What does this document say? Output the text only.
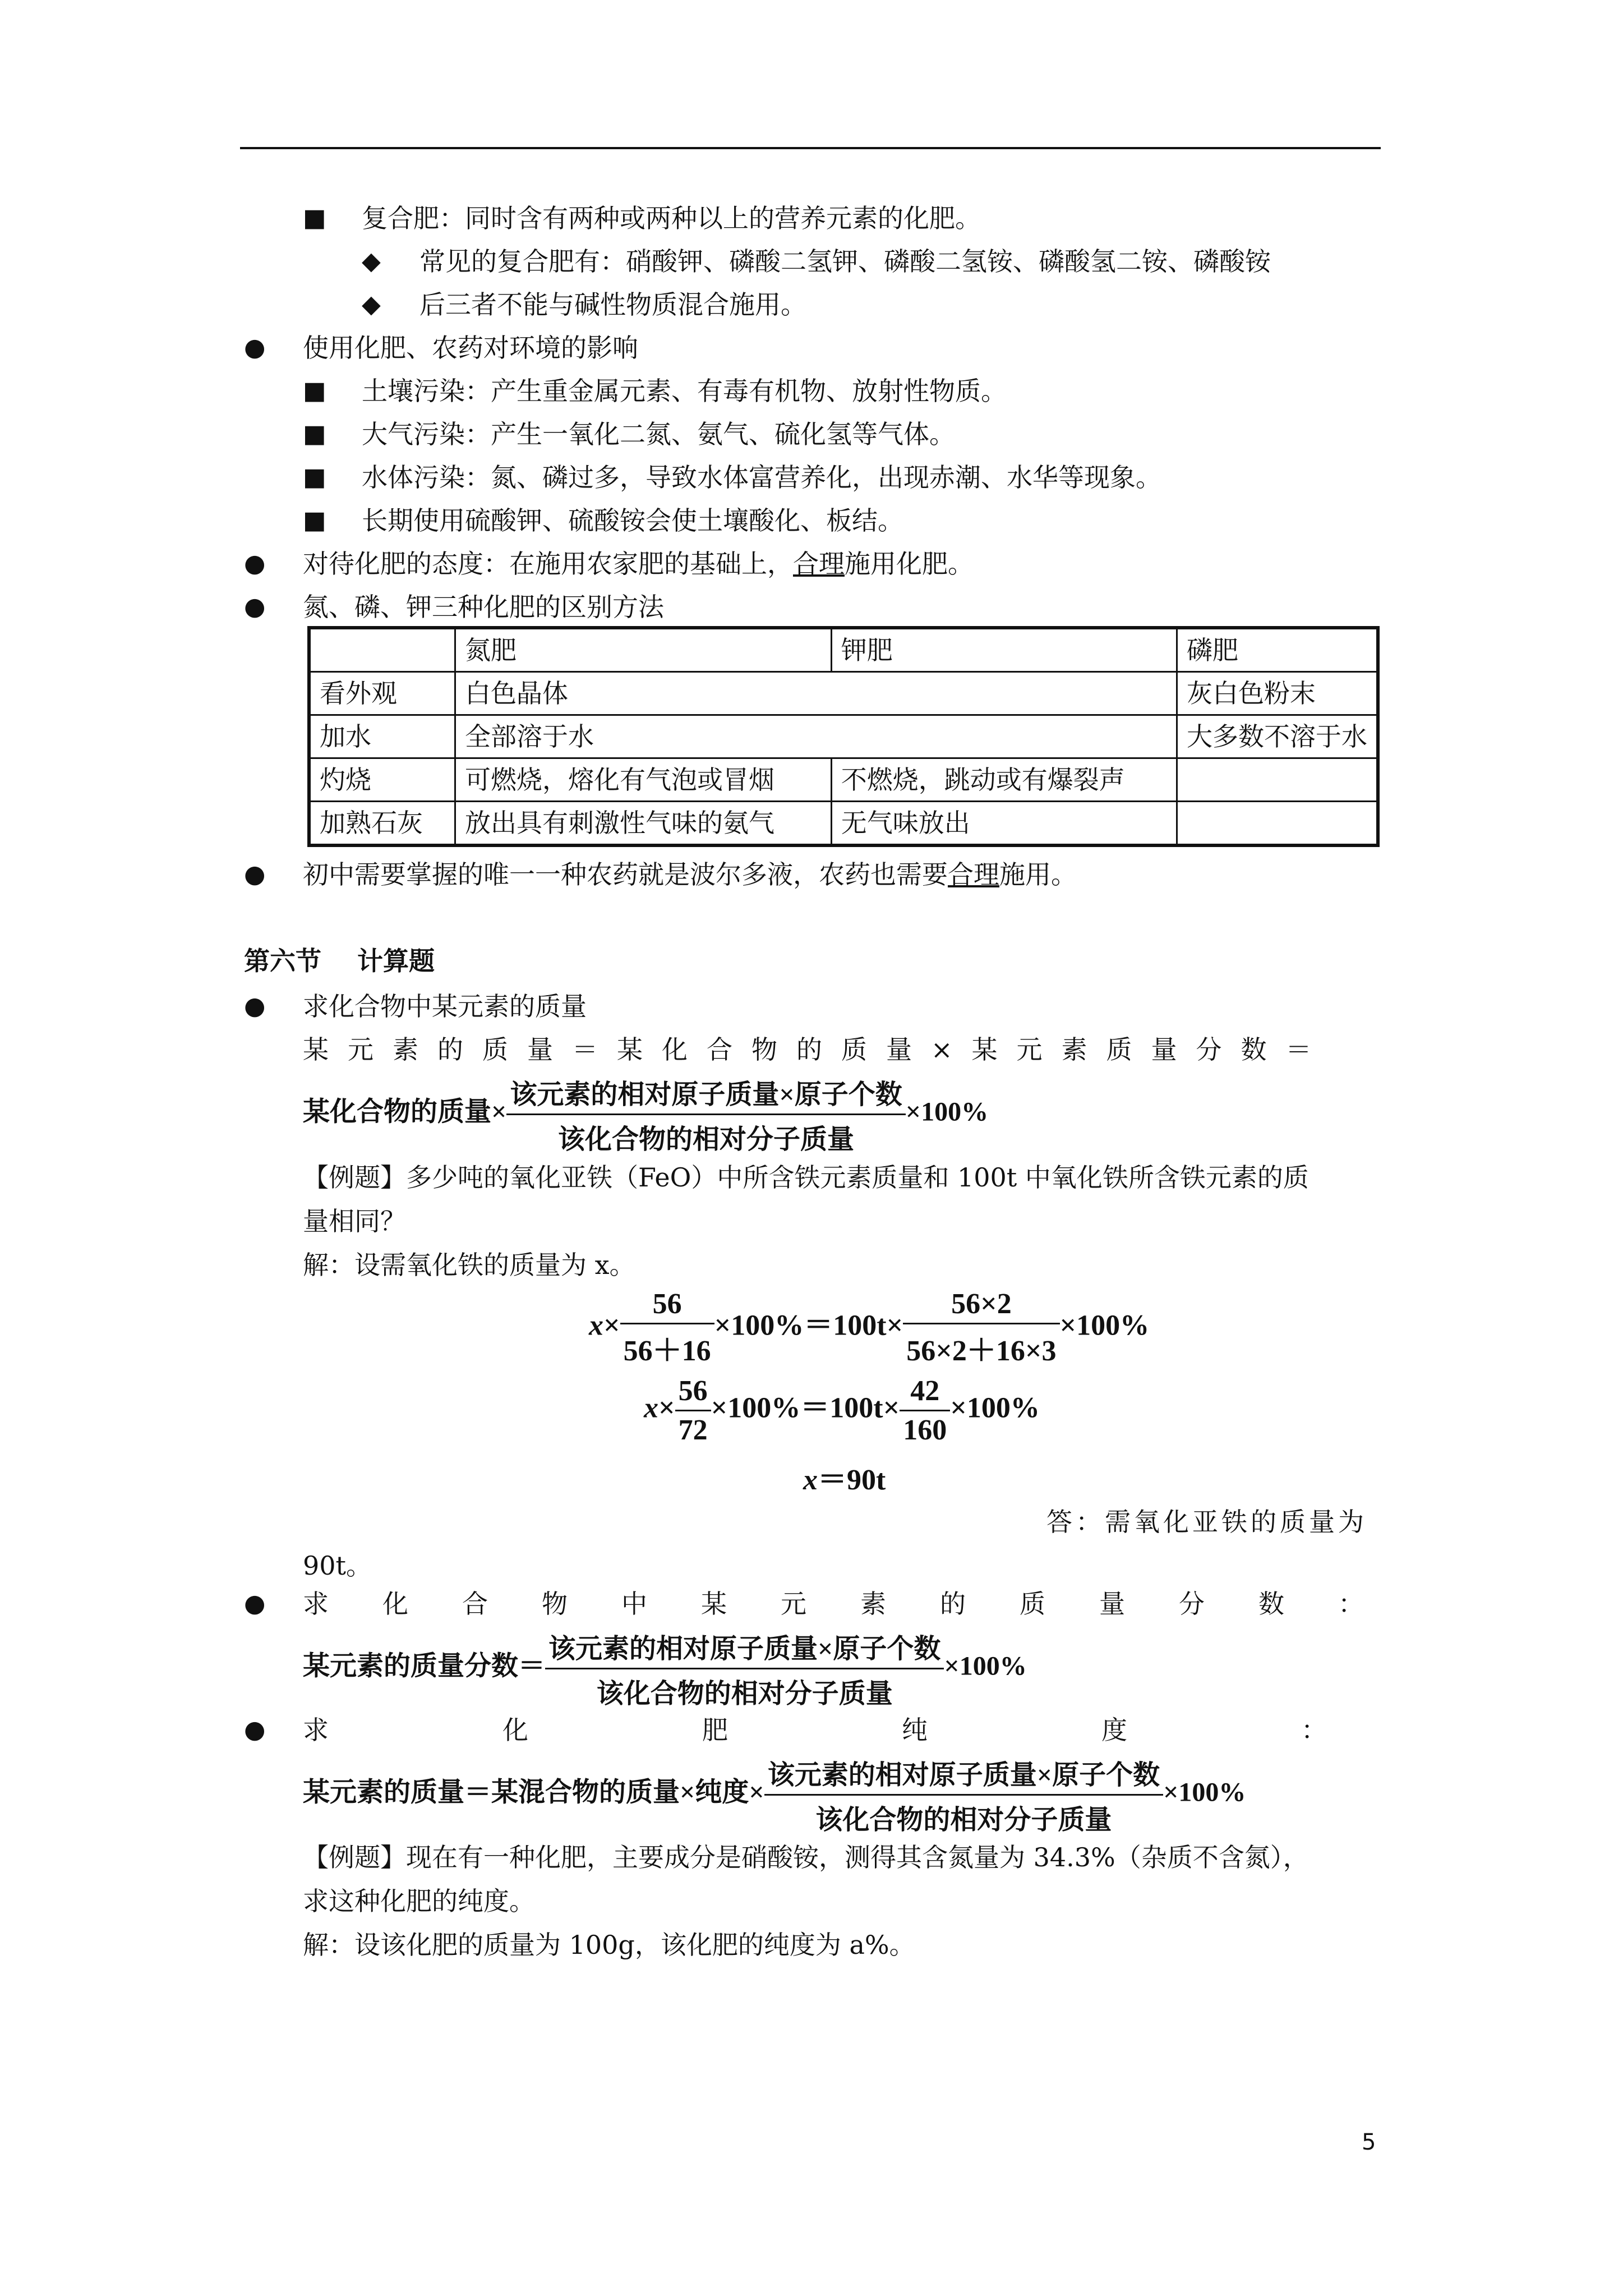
■ 复合肥：同时含有两种或两种以上的营养元素的化肥。
◆ 常见的复合肥有：硝酸钾、磷酸二氢钾、磷酸二氢铵、磷酸氢二铵、磷酸铵
◆ 后三者不能与碱性物质混合施用。
● 使用化肥、农药对环境的影响
■ 土壤污染：产生重金属元素、有毒有机物、放射性物质。
■ 大气污染：产生一氧化二氮、氨气、硫化氢等气体。
■ 水体污染：氮、磷过多，导致水体富营养化，出现赤潮、水华等现象。
■ 长期使用硫酸钾、硫酸铵会使土壤酸化、板结。
● 对待化肥的态度：在施用农家肥的基础上，合理施用化肥。
● 氮、磷、钾三种化肥的区别方法
	氮肥	钾肥	磷肥
看外观	白色晶体		灰白色粉末
加水	全部溶于水		大多数不溶于水
灼烧	可燃烧，熔化有气泡或冒烟	不燃烧，跳动或有爆裂声	
加熟石灰	放出具有刺激性气味的氨气	无气味放出	
● 初中需要掌握的唯一一种农药就是波尔多液，农药也需要合理施用。
第六节    计算题
● 求化合物中某元素的质量
某元素的质量＝某化合物的质量×某元素质量分数＝
某化合物的质量× $\frac{\text{该元素的相对原子质量×原子个数}}{\text{该化合物的相对分子质量}} \times 100\%$
【例题】多少吨的氧化亚铁（FeO）中所含铁元素质量和 100t 中氧化铁所含铁元素的质
量相同？
解：设需氧化铁的质量为 x。
$x\times \frac{56}{56+16} \times 100\%=100t\times \frac{56\times 2}{56\times 2+16\times 3} \times 100\%$
$x\times \frac{56}{72} \times 100\%=100t\times \frac{42}{160} \times 100\%$
x＝90t
答：需氧化亚铁的质量为
90t。
● 求化合物中某元素的质量分数：
某元素的质量分数＝ $\frac{\text{该元素的相对原子质量×原子个数}}{\text{该化合物的相对分子质量}} \times 100\%$
● 求化肥纯度：
某元素的质量＝某混合物的质量×纯度× $\frac{\text{该元素的相对原子质量×原子个数}}{\text{该化合物的相对分子质量}} \times 100\%$
【例题】现在有一种化肥，主要成分是硝酸铵，测得其含氮量为 34.3%（杂质不含氮），
求这种化肥的纯度。
解：设该化肥的质量为 100g，该化肥的纯度为 a%。
5
